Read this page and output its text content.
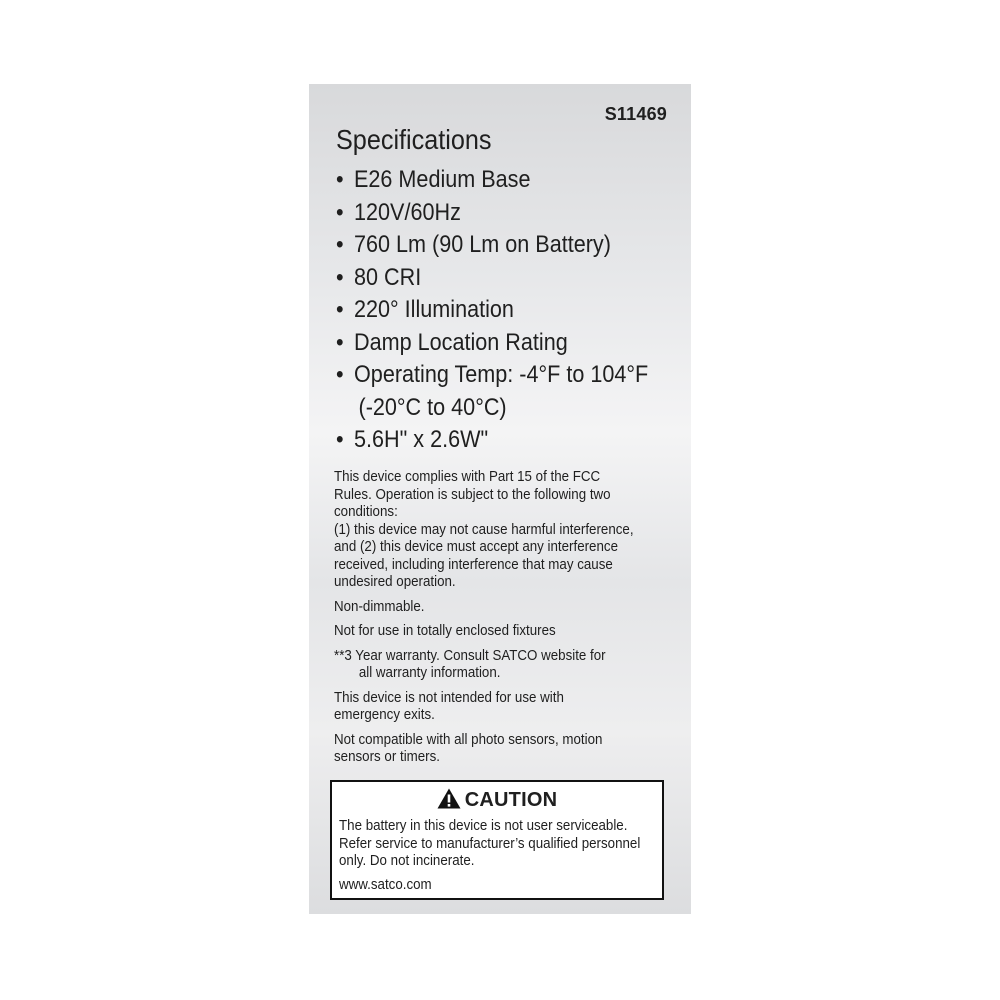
S11469
Specifications
• E26 Medium Base
• 120V/60Hz
• 760 Lm (90 Lm on Battery)
• 80 CRI
• 220° Illumination
• Damp Location Rating
• Operating Temp: -4°F to 104°F
(-20°C to 40°C)
• 5.6H" x 2.6W"

This device complies with Part 15 of the FCC
Rules. Operation is subject to the following two
conditions:
(1) this device may not cause harmful interference,
and (2) this device must accept any interference
received, including interference that may cause
undesired operation.

Non-dimmable.

Not for use in totally enclosed fixtures

**3 Year warranty. Consult SATCO website for
all warranty information.

This device is not intended for use with
emergency exits.

Not compatible with all photo sensors, motion
sensors or timers.

CAUTION
The battery in this device is not user serviceable.
Refer service to manufacturer’s qualified personnel
only. Do not incinerate.
www.satco.com
